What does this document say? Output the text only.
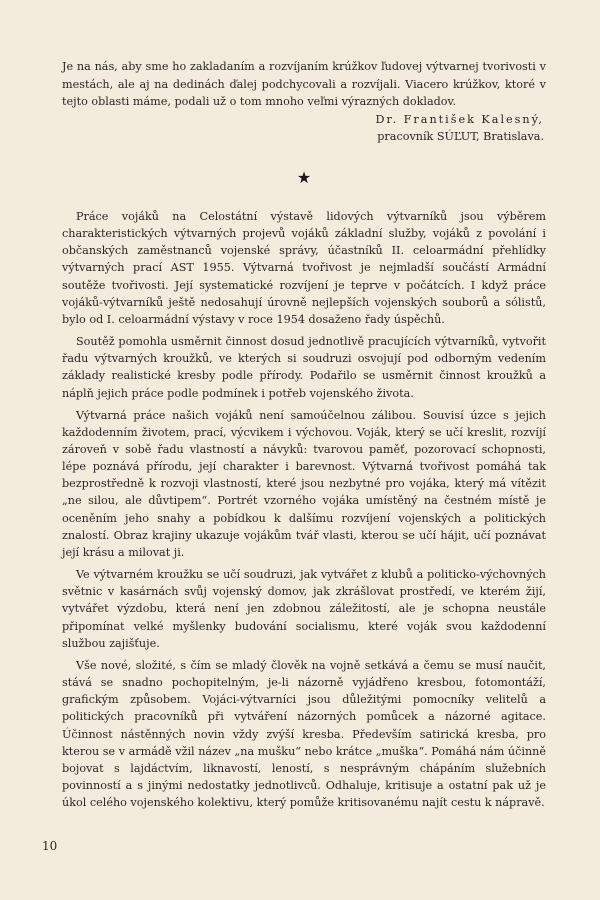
Je na nás, aby sme ho zakladaním a rozvíjaním krúžkov ľudovej výtvarnej tvorivosti v mestách, ale aj na dedinách ďalej podchycovali a rozvíjali. Viacero krúžkov, ktoré v tejto oblasti máme, podali už o tom mnoho veľmi výrazných dokladov.

Dr. František Kalesný,

pracovník SÚĽUT, Bratislava.

★

Práce vojáků na Celostátní výstavě lidových výtvarníků jsou výběrem charakteristických výtvarných projevů vojáků základní služby, vojáků z povolání i občanských zaměstnanců vojenské správy, účastníků II. celoarmádní přehlídky výtvarných prací AST 1955. Výtvarná tvořivost je nejmladší součástí Armádní soutěže tvořivosti. Její systematické rozvíjení je teprve v počátcích. I když práce vojáků-výtvarníků ještě nedosahují úrovně nejlepších vojenských souborů a sólistů, bylo od I. celoarmádní výstavy v roce 1954 dosaženo řady úspěchů.

Soutěž pomohla usměrnit činnost dosud jednotlivě pracujících výtvarníků, vytvořit řadu výtvarných kroužků, ve kterých si soudruzi osvojují pod odborným vedením základy realistické kresby podle přírody. Podařilo se usměrnit činnost kroužků a náplň jejich práce podle podmínek i potřeb vojenského života.

Výtvarná práce našich vojáků není samoúčelnou zálibou. Souvisí úzce s jejich každodenním životem, prací, výcvikem i výchovou. Voják, který se učí kreslit, rozvíjí zároveň v sobě řadu vlastností a návyků: tvarovou paměť, pozorovací schopnosti, lépe poznává přírodu, její charakter i barevnost. Výtvarná tvořivost pomáhá tak bezprostředně k rozvoji vlastností, které jsou nezbytné pro vojáka, který má vítězit „ne silou, ale důvtipem“. Portrét vzorného vojáka umístěný na čestném místě je oceněním jeho snahy a pobídkou k dalšímu rozvíjení vojenských a politických znalostí. Obraz krajiny ukazuje vojákům tvář vlasti, kterou se učí hájit, učí poznávat její krásu a milovat ji.

Ve výtvarném kroužku se učí soudruzi, jak vytvářet z klubů a politicko-výchovných světnic v kasárnách svůj vojenský domov, jak zkrášlovat prostředí, ve kterém žijí, vytvářet výzdobu, která není jen zdobnou záležitostí, ale je schopna neustále připomínat velké myšlenky budování socialismu, které voják svou každodenní službou zajišťuje.

Vše nové, složité, s čím se mladý člověk na vojně setkává a čemu se musí naučit, stává se snadno pochopitelným, je-li názorně vyjádřeno kresbou, fotomontáží, grafickým způsobem. Vojáci-výtvarníci jsou důležitými pomocníky velitelů a politických pracovníků při vytváření názorných pomůcek a názorné agitace. Účinnost nástěnných novin vždy zvýší kresba. Především satirická kresba, pro kterou se v armádě vžil název „na mušku“ nebo krátce „muška“. Pomáhá nám účinně bojovat s lajdáctvím, liknavostí, leností, s nesprávným chápáním služebních povinností a s jinými nedostatky jednotlivců. Odhaluje, kritisuje a ostatní pak už je úkol celého vojenského kolektivu, který pomůže kritisovanému najít cestu k nápravě.

10
